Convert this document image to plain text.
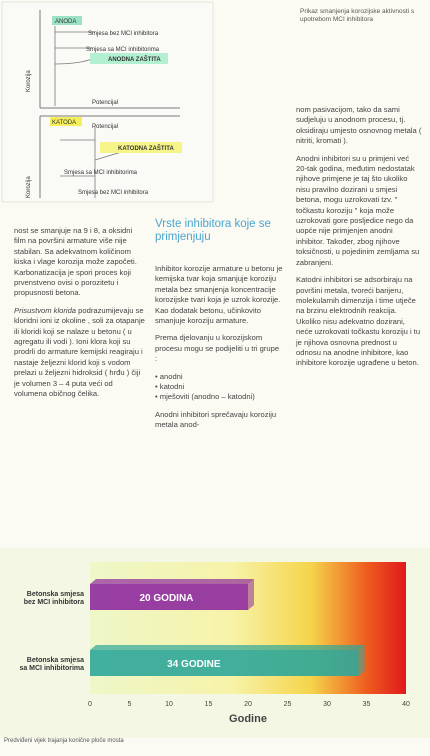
Prikaz smanjenja korozijske aktivnosti s upotrebom MCI inhibitora
Korozija
Korozija
ANODA
Smjesa bez MCI inhibitora
Smjesa sa MCI inhibitorima
ANODNA ZAŠTITA
Potencijal
KATODA
Potencijal
KATODNA ZAŠTITA
Smjesa sa MCI inhibitorima
Smjesa bez MCI inhibitora

nost se smanjuje na 9 i 8, a oksidni film na površini armature više nije stabilan. Sa adekvatnom količinom kiska i vlage korozija može započeti. Karbonatizacija je spori proces koji prvenstveno ovisi o porozitetu i propusnosti betona.

Prisustvom klorida podrazumijevaju se kloridni ioni iz okoline , soli za otapanje ili kloridi koji se nalaze u betonu ( u agregatu ili vodi ). Ioni klora koji su prodrli do armature kemijski reagiraju i nastaje željezni klorid koji s vodom prelazi u željezni hidroksid ( hrđu ) čiji je volumen 3 – 4 puta veći od volumena običnog čelika.

Vrste inhibitora koje se primjenjuju

Inhibitor korozije armature u betonu je kemijska tvar koja smanjuje koroziju metala bez smanjenja koncentracije korozijske tvari koja je uzrok korozije. Kao dodatak betonu, učinkovito smanjuje koroziju armature.

Prema djelovanju u korozijskom procesu mogu se podijeliti u tri grupe :

• anodni
• katodni
• mješoviti (anodno – katodni)

Anodni inhibitori sprečavaju koroziju metala anod-

nom pasivacijom, tako da sami sudjeluju u anodnom procesu, tj. oksidiraju umjesto osnovnog metala ( nitriti, kromati ).

Anodni inhibitori su u primjeni već 20-tak godina, međutim nedostatak njihove primjene je taj što ukoliko nisu pravilno dozirani u smjesi betona, mogu uzrokovati tzv. " točkastu koroziju " koja može uzrokovati gore posljedice nego da uopće nije primjenjen anodni inhibitor. Također, zbog njihove toksičnosti, u pojedinim zemljama su zabranjeni.

Katodni inhibitori se adsorbiraju na površini metala, tvoreći barijeru, molekularnih dimenzija i time utječe na brzinu elektrodnih reakcija. Ukoliko nisu adekvatno dozirani, neće uzrokovati točkastu koroziju i tu je njihova osnovna prednost u odnosu na anodne inhibitore, kao inhibitore korozije ugrađene u beton.

20 GODINA
34 GODINE
0	5	10	15	20	25	30	35	40
Betonska smjesa
bez MCI inhibitora
Betonska smjesa
sa MCI inhibitorima
Godine
Predviđeni vijek trajanja konične ploče mosta
